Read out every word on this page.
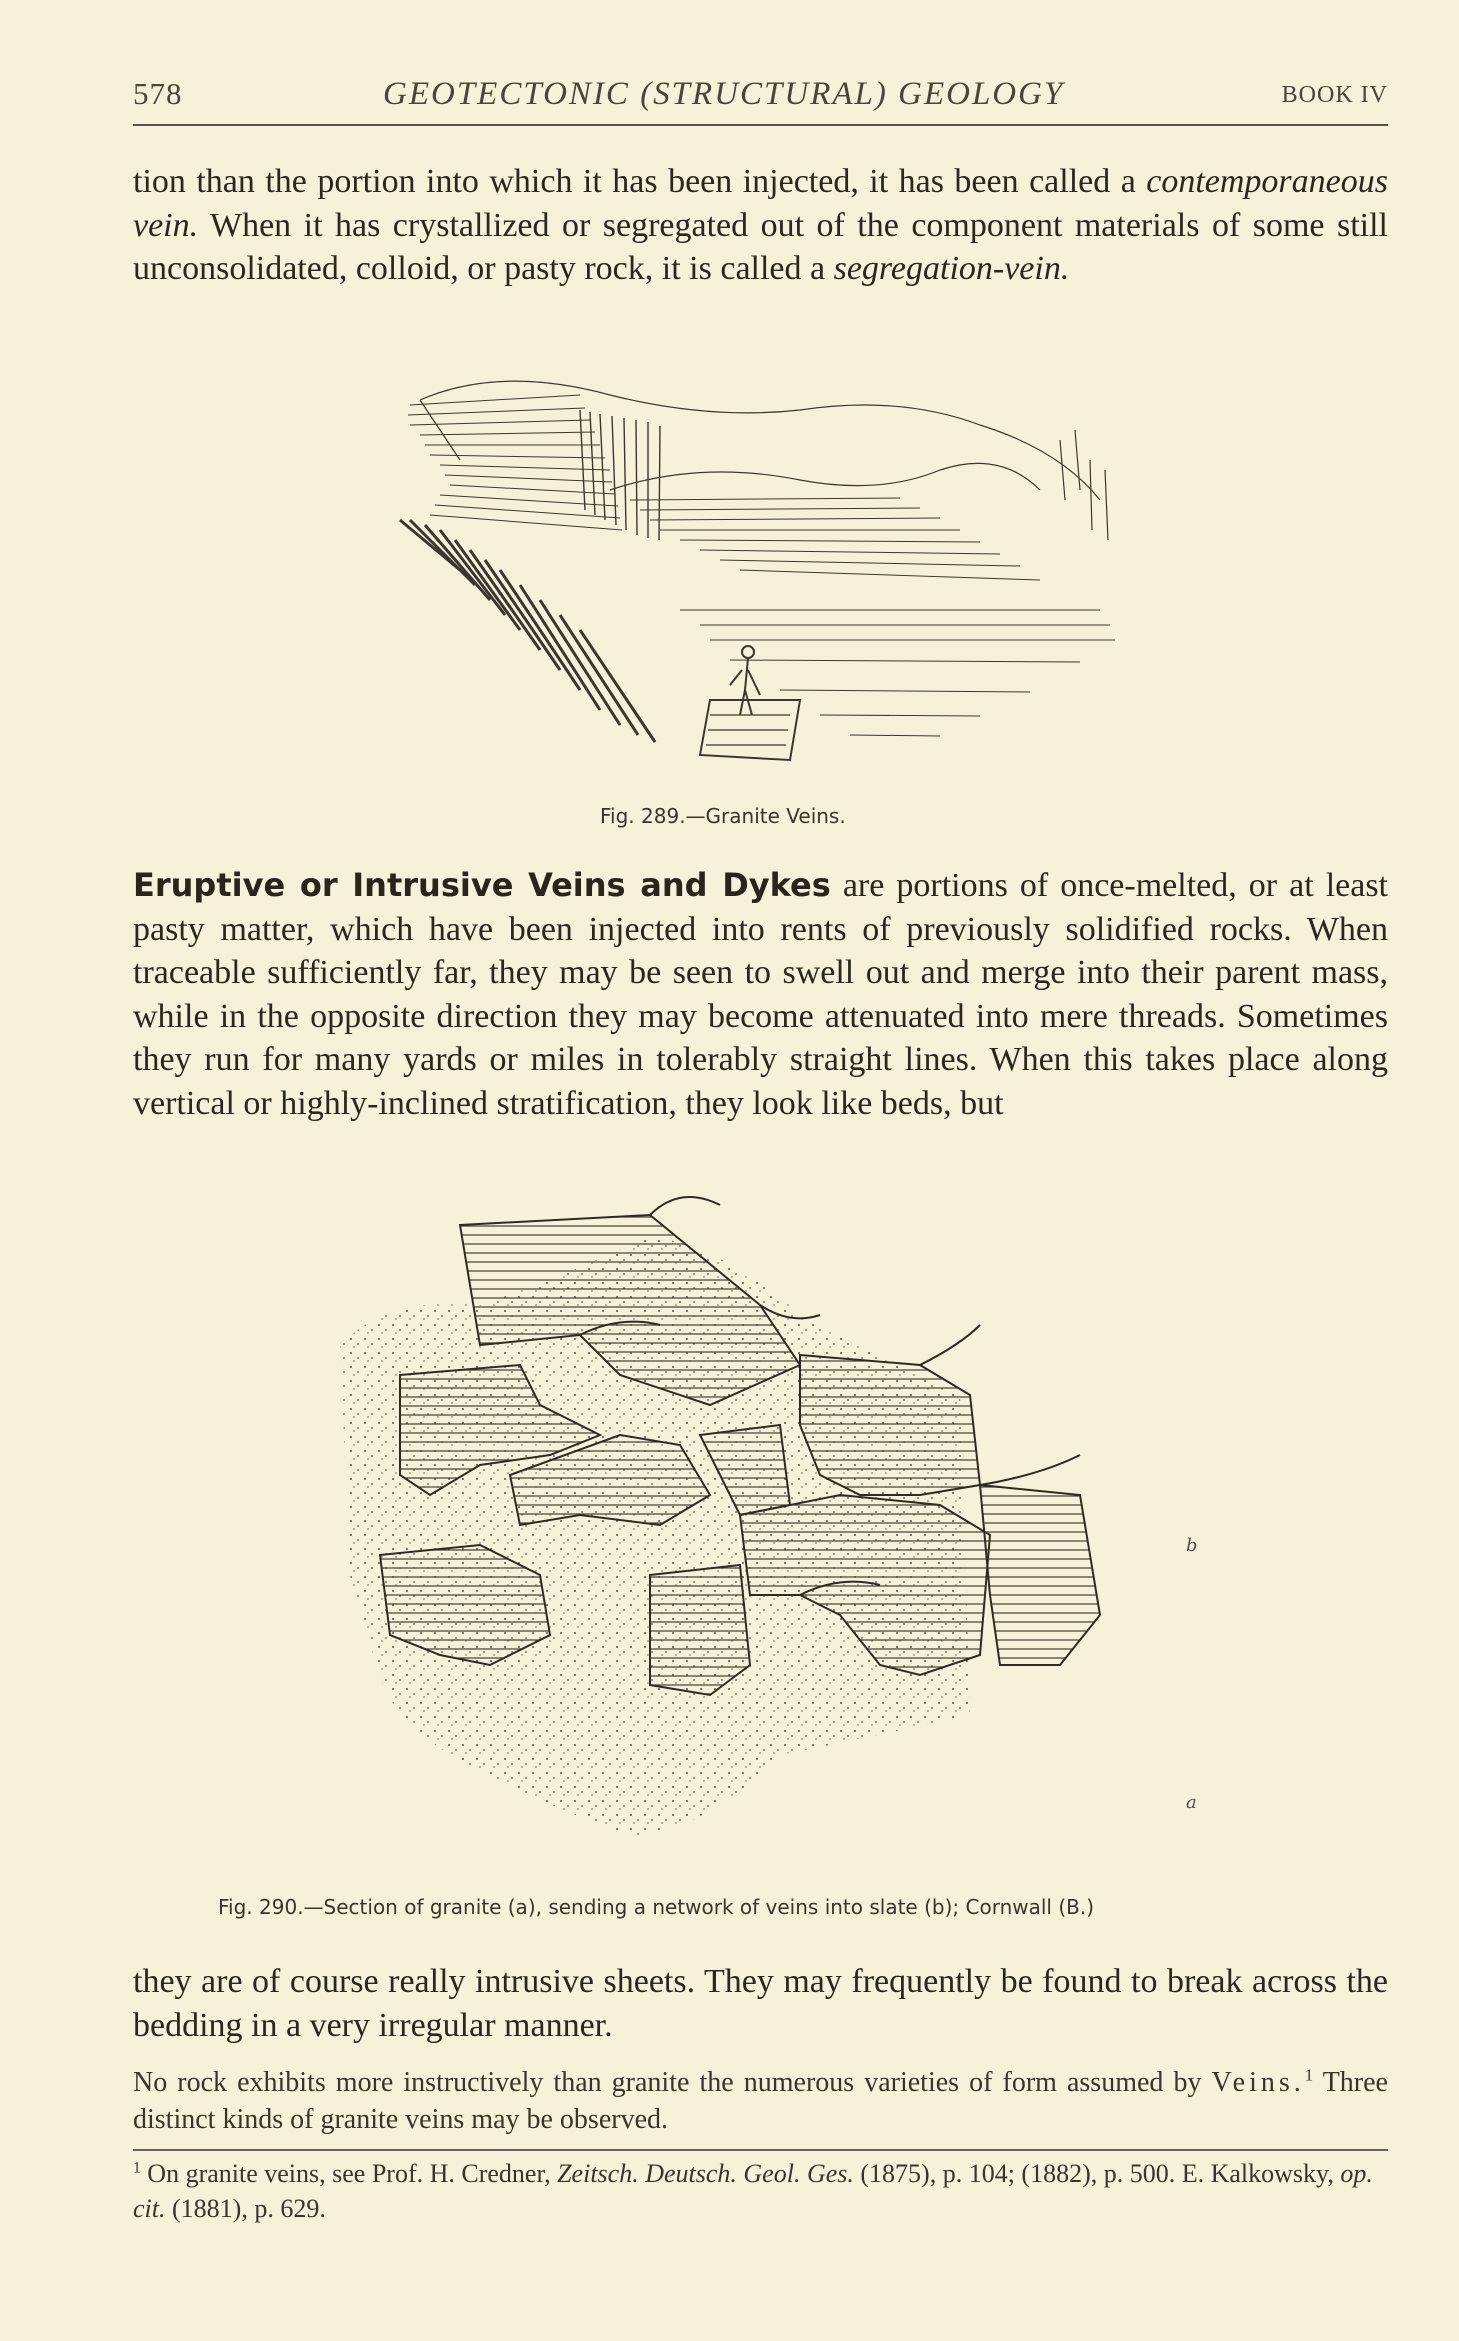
578	GEOTECTONIC (STRUCTURAL) GEOLOGY	BOOK IV
tion than the portion into which it has been injected, it has been called a contemporaneous vein. When it has crystallized or segregated out of the component materials of some still unconsolidated, colloid, or pasty rock, it is called a segregation-vein.
Fig. 289.—Granite Veins.
Eruptive or Intrusive Veins and Dykes are portions of once-melted, or at least pasty matter, which have been injected into rents of previously solidified rocks. When traceable sufficiently far, they may be seen to swell out and merge into their parent mass, while in the opposite direction they may become attenuated into mere threads. Sometimes they run for many yards or miles in tolerably straight lines. When this takes place along vertical or highly-inclined stratification, they look like beds, but
b
a
Fig. 290.—Section of granite (a), sending a network of veins into slate (b); Cornwall (B.)
they are of course really intrusive sheets. They may frequently be found to break across the bedding in a very irregular manner.
No rock exhibits more instructively than granite the numerous varieties of form assumed by Veins.$^1$ Three distinct kinds of granite veins may be observed.
$^1$ On granite veins, see Prof. H. Credner, Zeitsch. Deutsch. Geol. Ges. (1875), p. 104; (1882), p. 500. E. Kalkowsky, op. cit. (1881), p. 629.
